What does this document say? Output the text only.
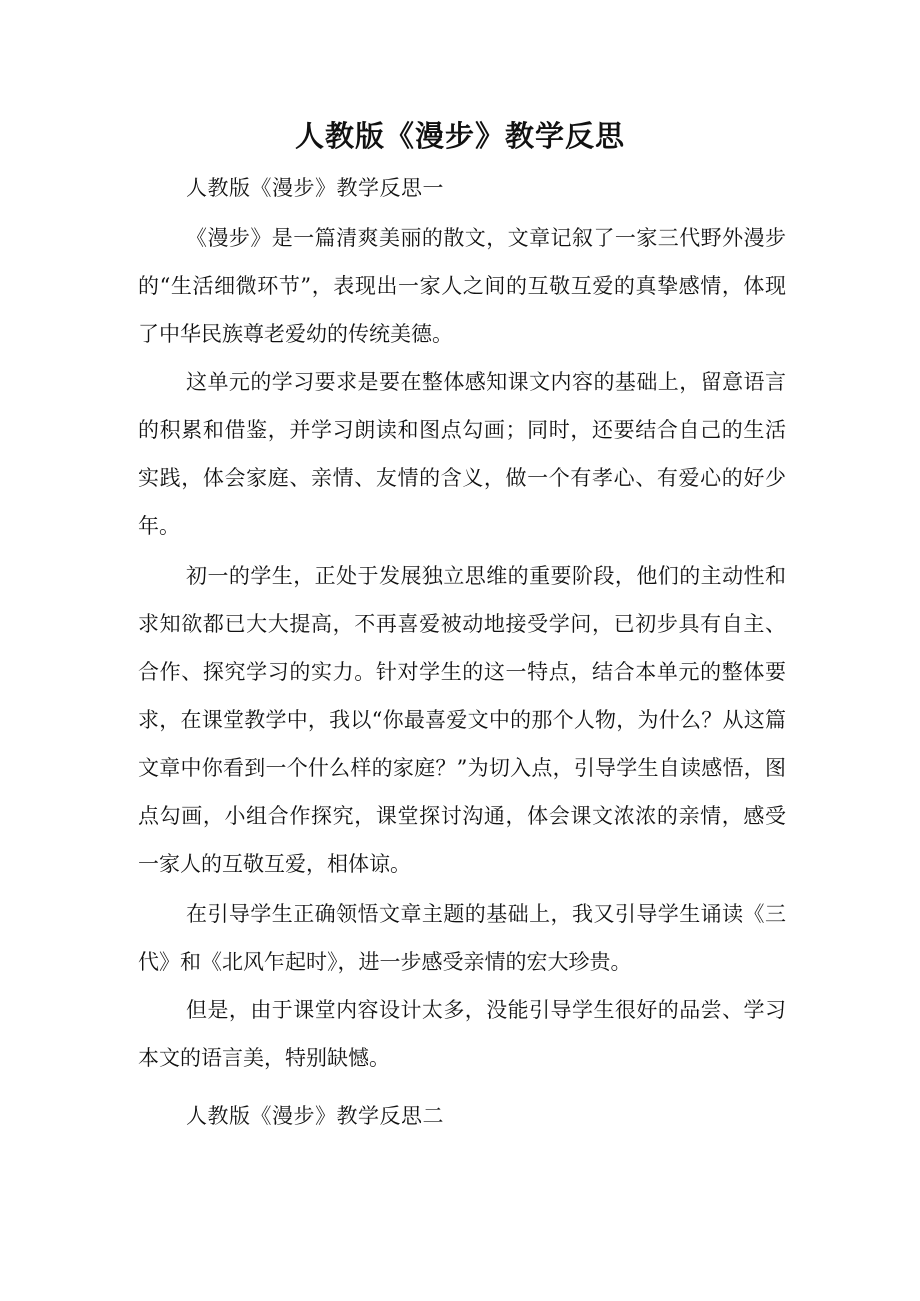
人教版《漫步》教学反思
人教版《漫步》教学反思一

《漫步》是一篇清爽美丽的散文，文章记叙了一家三代野外漫步的“生活细微环节”，表现出一家人之间的互敬互爱的真挚感情，体现了中华民族尊老爱幼的传统美德。

这单元的学习要求是要在整体感知课文内容的基础上，留意语言的积累和借鉴，并学习朗读和图点勾画；同时，还要结合自己的生活实践，体会家庭、亲情、友情的含义，做一个有孝心、有爱心的好少年。

初一的学生，正处于发展独立思维的重要阶段，他们的主动性和求知欲都已大大提高，不再喜爱被动地接受学问，已初步具有自主、合作、探究学习的实力。针对学生的这一特点，结合本单元的整体要求，在课堂教学中，我以“你最喜爱文中的那个人物，为什么？从这篇文章中你看到一个什么样的家庭？”为切入点，引导学生自读感悟，图点勾画，小组合作探究，课堂探讨沟通，体会课文浓浓的亲情，感受一家人的互敬互爱，相体谅。

在引导学生正确领悟文章主题的基础上，我又引导学生诵读《三代》和《北风乍起时》，进一步感受亲情的宏大珍贵。

但是，由于课堂内容设计太多，没能引导学生很好的品尝、学习本文的语言美，特别缺憾。

人教版《漫步》教学反思二
